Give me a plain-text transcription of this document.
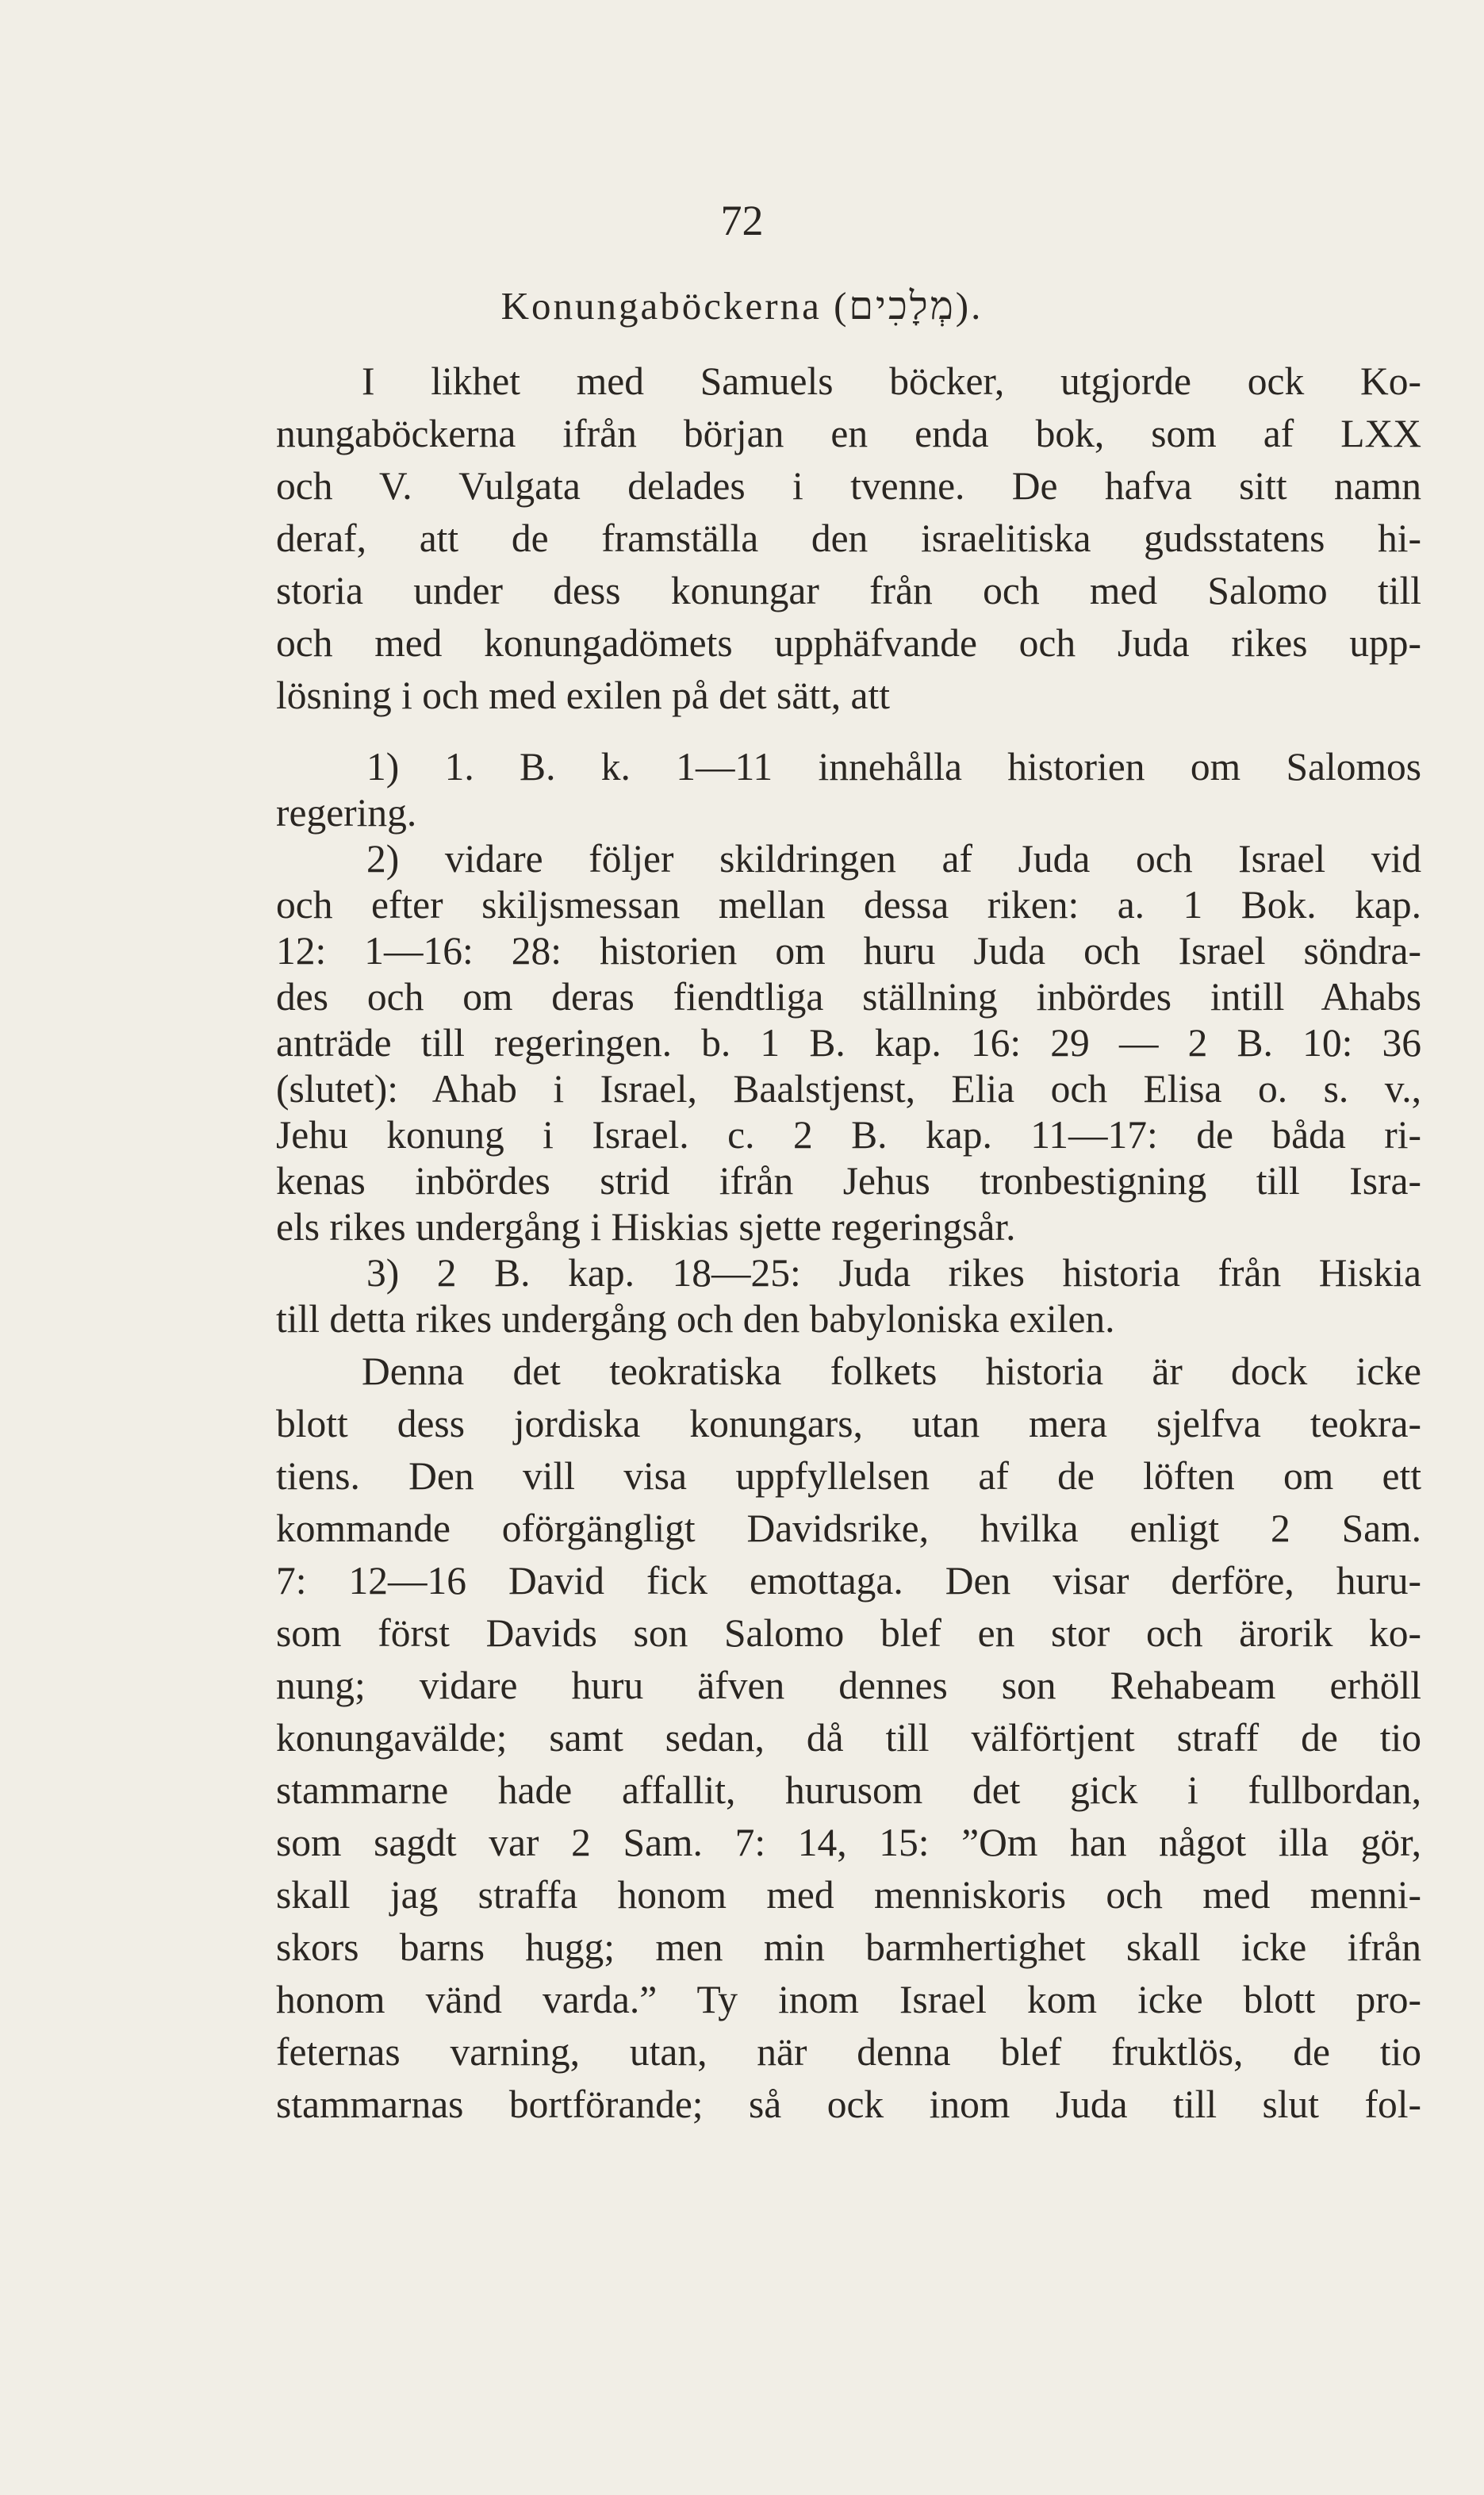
72
Konungaböckerna (מְלָכִים).
I likhet med Samuels böcker, utgjorde ock Ko-
nungaböckerna ifrån början en enda bok, som af LXX
och V. Vulgata delades i tvenne. De hafva sitt namn
deraf, att de framställa den israelitiska gudsstatens hi-
storia under dess konungar från och med Salomo till
och med konungadömets upphäfvande och Juda rikes upp-
lösning i och med exilen på det sätt, att
1) 1. B. k. 1—11 innehålla historien om Salomos
regering.
2) vidare följer skildringen af Juda och Israel vid
och efter skiljsmessan mellan dessa riken: a. 1 Bok. kap.
12: 1—16: 28: historien om huru Juda och Israel söndra-
des och om deras fiendtliga ställning inbördes intill Ahabs
anträde till regeringen. b. 1 B. kap. 16: 29 — 2 B. 10: 36
(slutet): Ahab i Israel, Baalstjenst, Elia och Elisa o. s. v.,
Jehu konung i Israel. c. 2 B. kap. 11—17: de båda ri-
kenas inbördes strid ifrån Jehus tronbestigning till Isra-
els rikes undergång i Hiskias sjette regeringsår.
3) 2 B. kap. 18—25: Juda rikes historia från Hiskia
till detta rikes undergång och den babyloniska exilen.
Denna det teokratiska folkets historia är dock icke
blott dess jordiska konungars, utan mera sjelfva teokra-
tiens. Den vill visa uppfyllelsen af de löften om ett
kommande oförgängligt Davidsrike, hvilka enligt 2 Sam.
7: 12—16 David fick emottaga. Den visar derföre, huru-
som först Davids son Salomo blef en stor och ärorik ko-
nung; vidare huru äfven dennes son Rehabeam erhöll
konungavälde; samt sedan, då till välförtjent straff de tio
stammarne hade affallit, hurusom det gick i fullbordan,
som sagdt var 2 Sam. 7: 14, 15: ”Om han något illa gör,
skall jag straffa honom med menniskoris och med menni-
skors barns hugg; men min barmhertighet skall icke ifrån
honom vänd varda.” Ty inom Israel kom icke blott pro-
feternas varning, utan, när denna blef fruktlös, de tio
stammarnas bortförande; så ock inom Juda till slut fol-
